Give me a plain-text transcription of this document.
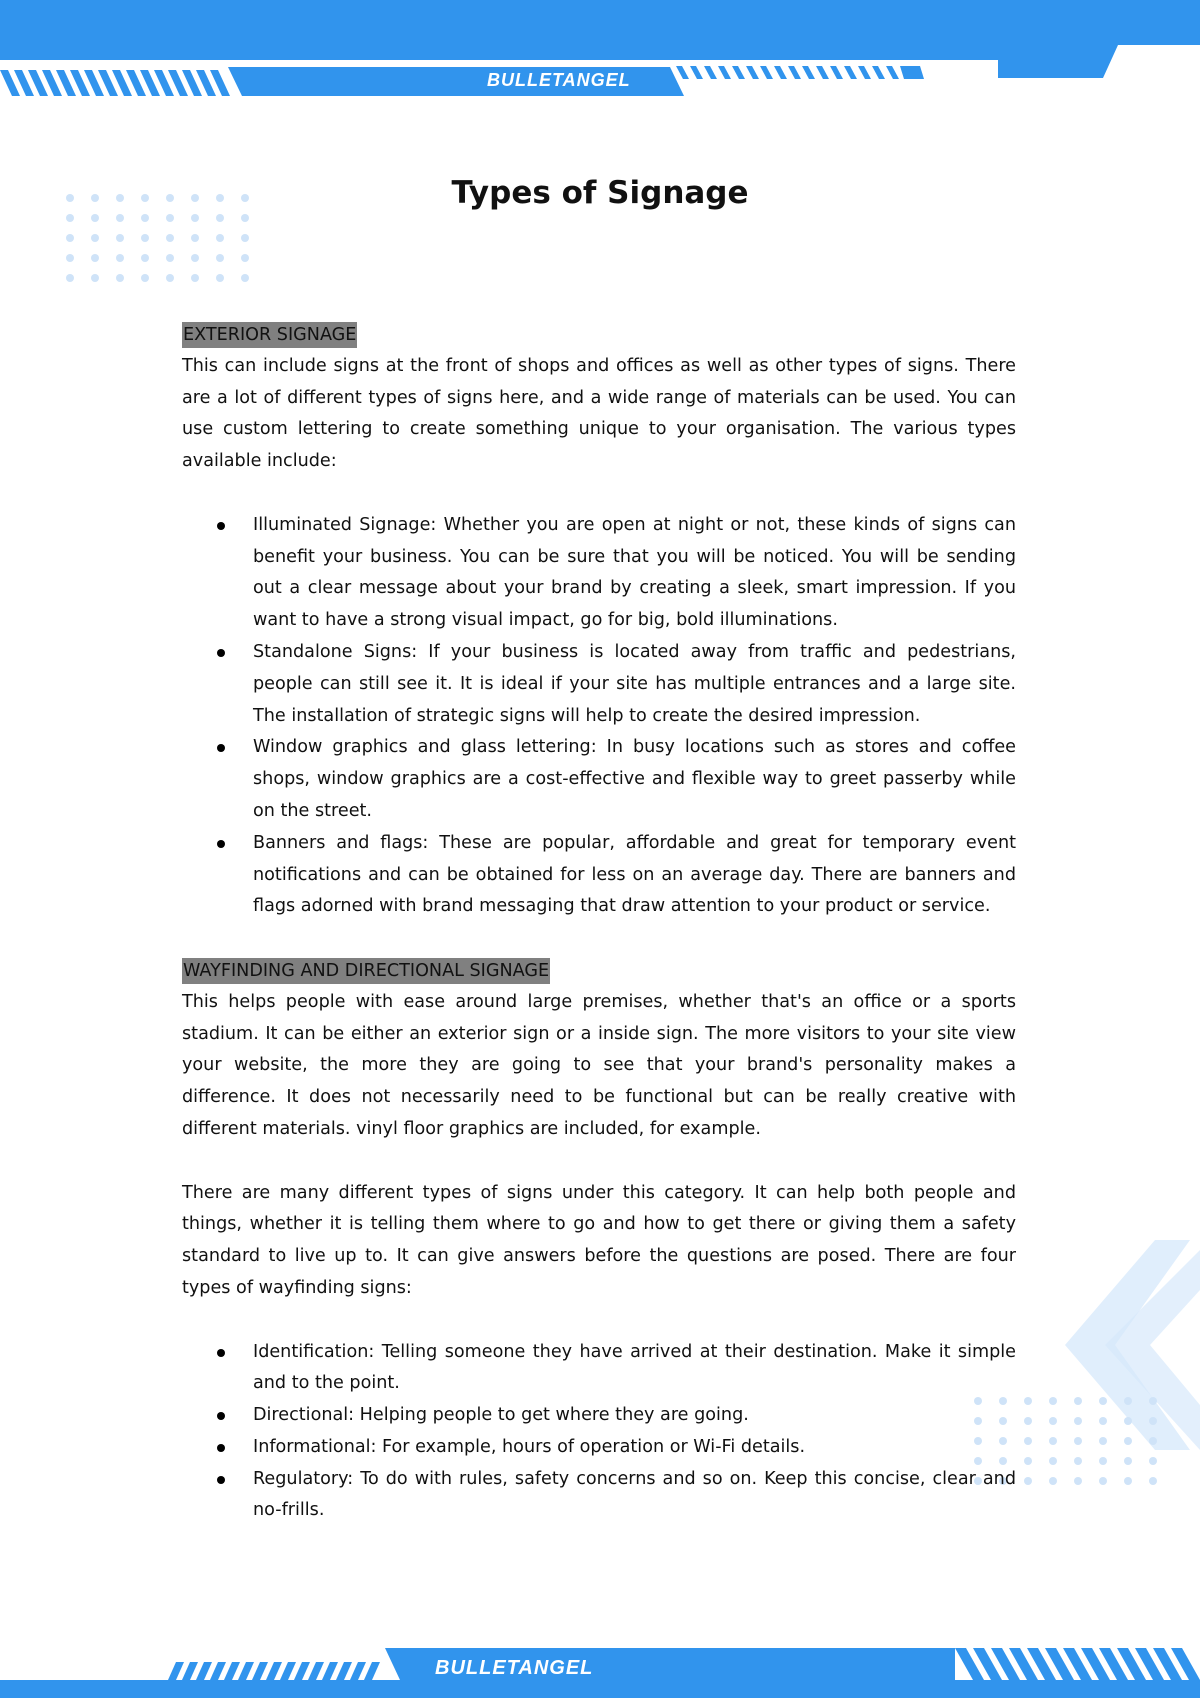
BULLETANGEL
Types of Signage
EXTERIOR SIGNAGE

This can include signs at the front of shops and offices as well as other types of signs. There are a lot of different types of signs here, and a wide range of materials can be used. You can use custom lettering to create something unique to your organisation. The various types available include:

Illuminated Signage: Whether you are open at night or not, these kinds of signs can benefit your business. You can be sure that you will be noticed. You will be sending out a clear message about your brand by creating a sleek, smart impression. If you want to have a strong visual impact, go for big, bold illuminations.
Standalone Signs: If your business is located away from traffic and pedestrians, people can still see it. It is ideal if your site has multiple entrances and a large site. The installation of strategic signs will help to create the desired impression.
Window graphics and glass lettering: In busy locations such as stores and coffee shops, window graphics are a cost-effective and flexible way to greet passerby while on the street.
Banners and flags: These are popular, affordable and great for temporary event notifications and can be obtained for less on an average day. There are banners and flags adorned with brand messaging that draw attention to your product or service.
WAYFINDING AND DIRECTIONAL SIGNAGE

This helps people with ease around large premises, whether that's an office or a sports stadium. It can be either an exterior sign or a inside sign. The more visitors to your site view your website, the more they are going to see that your brand's personality makes a difference. It does not necessarily need to be functional but can be really creative with different materials. vinyl floor graphics are included, for example.

There are many different types of signs under this category. It can help both people and things, whether it is telling them where to go and how to get there or giving them a safety standard to live up to. It can give answers before the questions are posed. There are four types of wayfinding signs:

Identification: Telling someone they have arrived at their destination. Make it simple and to the point.
Directional: Helping people to get where they are going.
Informational: For example, hours of operation or Wi-Fi details.
Regulatory: To do with rules, safety concerns and so on. Keep this concise, clear and no-frills.
BULLETANGEL
